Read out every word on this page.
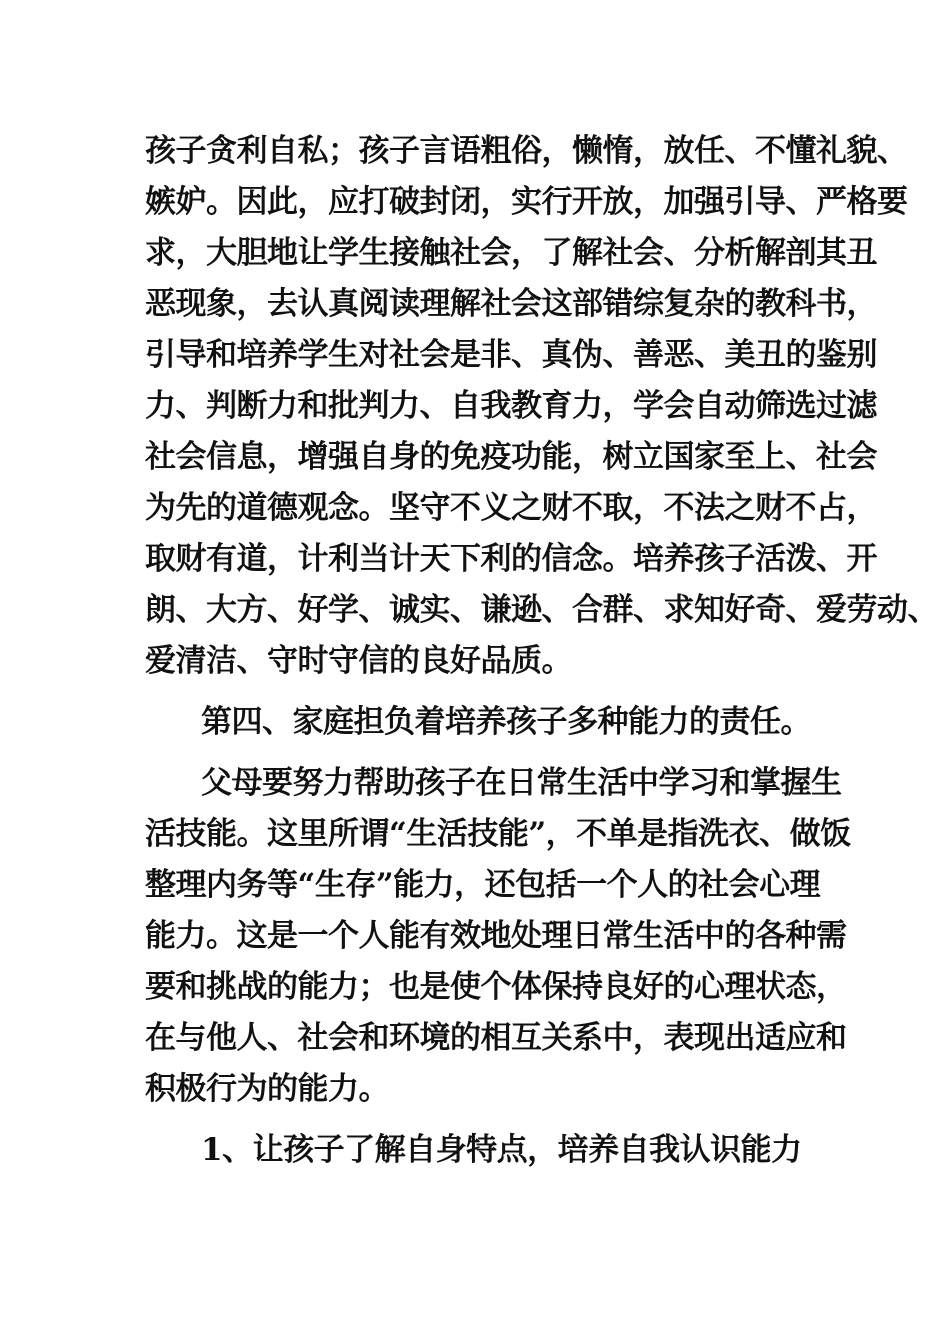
孩子贪利自私；孩子言语粗俗，懒惰，放任、不懂礼貌、
嫉妒。因此，应打破封闭，实行开放，加强引导、严格要
求，大胆地让学生接触社会，了解社会、分析解剖其丑
恶现象，去认真阅读理解社会这部错综复杂的教科书，
引导和培养学生对社会是非、真伪、善恶、美丑的鉴别
力、判断力和批判力、自我教育力，学会自动筛选过滤
社会信息，增强自身的免疫功能，树立国家至上、社会
为先的道德观念。坚守不义之财不取，不法之财不占，
取财有道，计利当计天下利的信念。培养孩子活泼、开
朗、大方、好学、诚实、谦逊、合群、求知好奇、爱劳动、
爱清洁、守时守信的良好品质。
第四、家庭担负着培养孩子多种能力的责任。
父母要努力帮助孩子在日常生活中学习和掌握生
活技能。这里所谓“生活技能”，不单是指洗衣、做饭
整理内务等“生存”能力，还包括一个人的社会心理
能力。这是一个人能有效地处理日常生活中的各种需
要和挑战的能力；也是使个体保持良好的心理状态，
在与他人、社会和环境的相互关系中，表现出适应和
积极行为的能力。
1、让孩子了解自身特点，培养自我认识能力
